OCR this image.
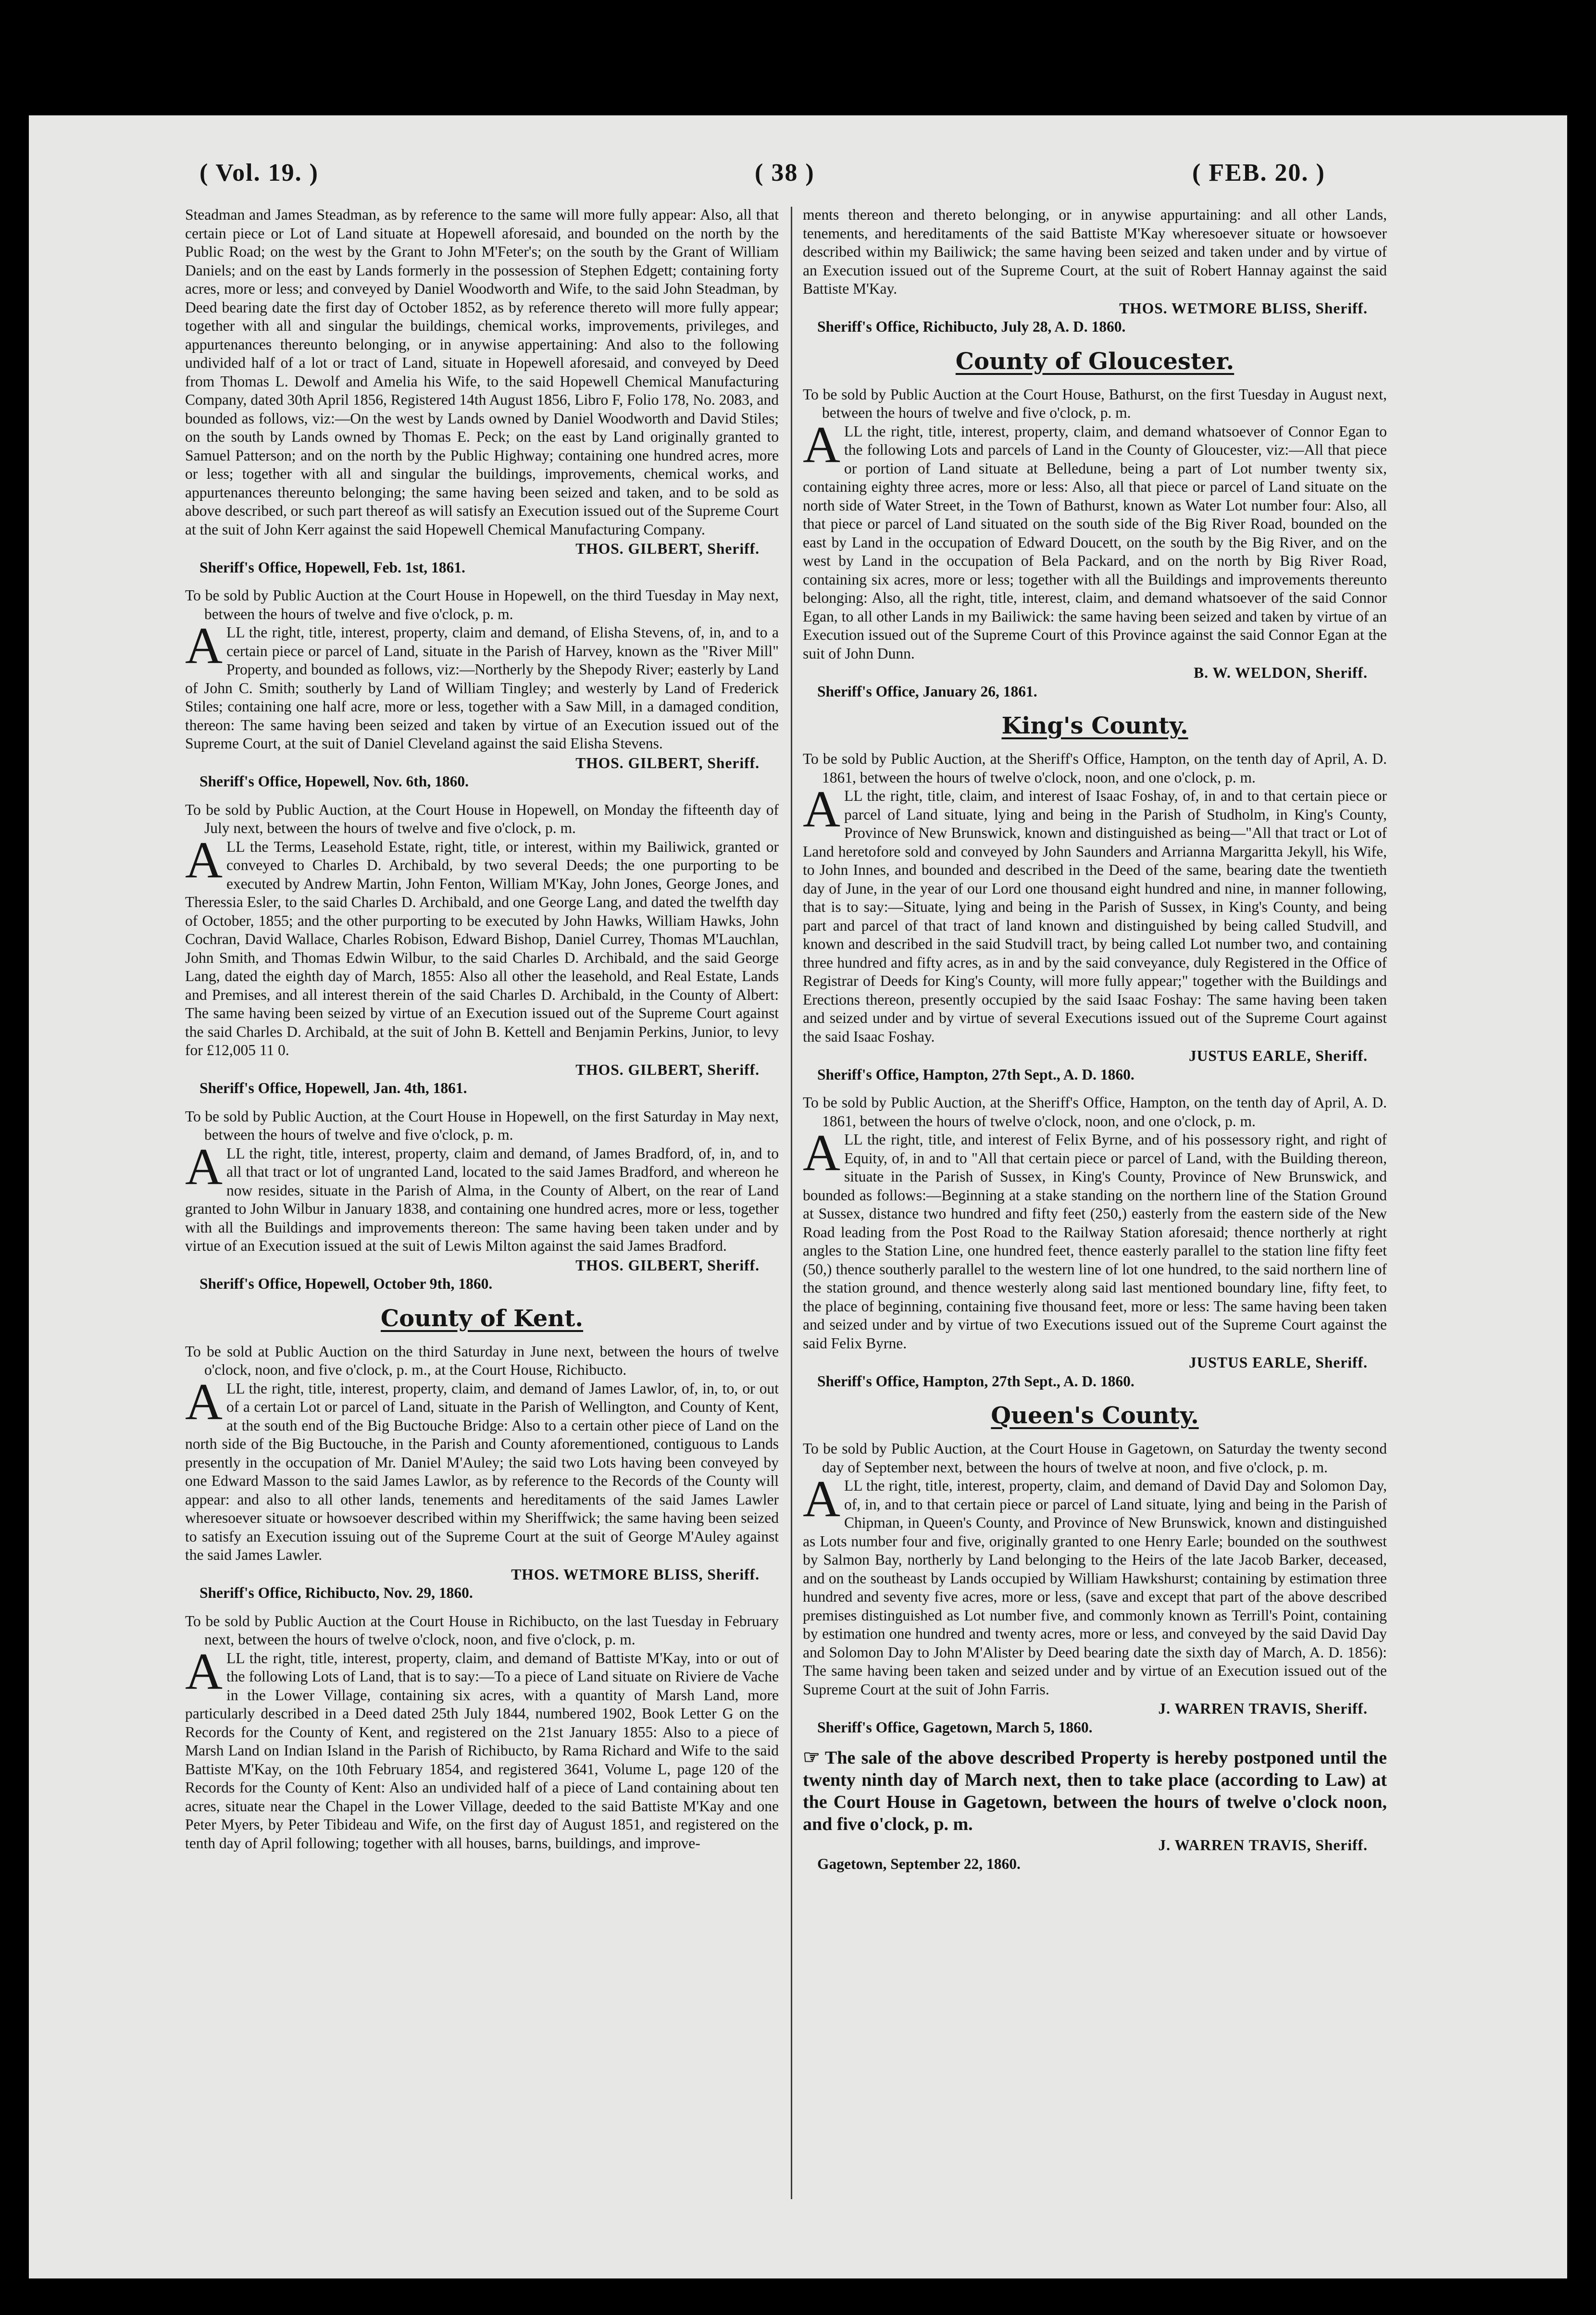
( Vol. 19. )	( 38 )	( FEB. 20. )

Steadman and James Steadman, as by reference to the same will more fully appear: Also, all that certain piece or Lot of Land situate at Hopewell aforesaid, and bounded on the north by the Public Road; on the west by the Grant to John M'Feter's; on the south by the Grant of William Daniels; and on the east by Lands formerly in the possession of Stephen Edgett; containing forty acres, more or less; and conveyed by Daniel Woodworth and Wife, to the said John Steadman, by Deed bearing date the first day of October 1852, as by reference thereto will more fully appear; together with all and singular the buildings, chemical works, improvements, privileges, and appurtenances thereunto belonging, or in anywise appertaining: And also to the following undivided half of a lot or tract of Land, situate in Hopewell aforesaid, and conveyed by Deed from Thomas L. Dewolf and Amelia his Wife, to the said Hopewell Chemical Manufacturing Company, dated 30th April 1856, Registered 14th August 1856, Libro F, Folio 178, No. 2083, and bounded as follows, viz:—On the west by Lands owned by Daniel Woodworth and David Stiles; on the south by Lands owned by Thomas E. Peck; on the east by Land originally granted to Samuel Patterson; and on the north by the Public Highway; containing one hundred acres, more or less; together with all and singular the buildings, improvements, chemical works, and appurtenances thereunto belonging; the same having been seized and taken, and to be sold as above described, or such part thereof as will satisfy an Execution issued out of the Supreme Court at the suit of John Kerr against the said Hopewell Chemical Manufacturing Company.

THOS. GILBERT, Sheriff.
Sheriff's Office, Hopewell, Feb. 1st, 1861.

To be sold by Public Auction at the Court House in Hopewell, on the third Tuesday in May next, between the hours of twelve and five o'clock, p. m.

ALL the right, title, interest, property, claim and demand, of Elisha Stevens, of, in, and to a certain piece or parcel of Land, situate in the Parish of Harvey, known as the "River Mill" Property, and bounded as follows, viz:—Northerly by the Shepody River; easterly by Land of John C. Smith; southerly by Land of William Tingley; and westerly by Land of Frederick Stiles; containing one half acre, more or less, together with a Saw Mill, in a damaged condition, thereon: The same having been seized and taken by virtue of an Execution issued out of the Supreme Court, at the suit of Daniel Cleveland against the said Elisha Stevens.

THOS. GILBERT, Sheriff.
Sheriff's Office, Hopewell, Nov. 6th, 1860.

To be sold by Public Auction, at the Court House in Hopewell, on Monday the fifteenth day of July next, between the hours of twelve and five o'clock, p. m.

ALL the Terms, Leasehold Estate, right, title, or interest, within my Bailiwick, granted or conveyed to Charles D. Archibald, by two several Deeds; the one purporting to be executed by Andrew Martin, John Fenton, William M'Kay, John Jones, George Jones, and Theressia Esler, to the said Charles D. Archibald, and one George Lang, and dated the twelfth day of October, 1855; and the other purporting to be executed by John Hawks, William Hawks, John Cochran, David Wallace, Charles Robison, Edward Bishop, Daniel Currey, Thomas M'Lauchlan, John Smith, and Thomas Edwin Wilbur, to the said Charles D. Archibald, and the said George Lang, dated the eighth day of March, 1855: Also all other the leasehold, and Real Estate, Lands and Premises, and all interest therein of the said Charles D. Archibald, in the County of Albert: The same having been seized by virtue of an Execution issued out of the Supreme Court against the said Charles D. Archibald, at the suit of John B. Kettell and Benjamin Perkins, Junior, to levy for £12,005 11 0.

THOS. GILBERT, Sheriff.
Sheriff's Office, Hopewell, Jan. 4th, 1861.

To be sold by Public Auction, at the Court House in Hopewell, on the first Saturday in May next, between the hours of twelve and five o'clock, p. m.

ALL the right, title, interest, property, claim and demand, of James Bradford, of, in, and to all that tract or lot of ungranted Land, located to the said James Bradford, and whereon he now resides, situate in the Parish of Alma, in the County of Albert, on the rear of Land granted to John Wilbur in January 1838, and containing one hundred acres, more or less, together with all the Buildings and improvements thereon: The same having been taken under and by virtue of an Execution issued at the suit of Lewis Milton against the said James Bradford.

THOS. GILBERT, Sheriff.
Sheriff's Office, Hopewell, October 9th, 1860.
County of Kent.

To be sold at Public Auction on the third Saturday in June next, between the hours of twelve o'clock, noon, and five o'clock, p. m., at the Court House, Richibucto.

ALL the right, title, interest, property, claim, and demand of James Lawlor, of, in, to, or out of a certain Lot or parcel of Land, situate in the Parish of Wellington, and County of Kent, at the south end of the Big Buctouche Bridge: Also to a certain other piece of Land on the north side of the Big Buctouche, in the Parish and County aforementioned, contiguous to Lands presently in the occupation of Mr. Daniel M'Auley; the said two Lots having been conveyed by one Edward Masson to the said James Lawlor, as by reference to the Records of the County will appear: and also to all other lands, tenements and hereditaments of the said James Lawler wheresoever situate or howsoever described within my Sheriffwick; the same having been seized to satisfy an Execution issuing out of the Supreme Court at the suit of George M'Auley against the said James Lawler.

THOS. WETMORE BLISS, Sheriff.
Sheriff's Office, Richibucto, Nov. 29, 1860.

To be sold by Public Auction at the Court House in Richibucto, on the last Tuesday in February next, between the hours of twelve o'clock, noon, and five o'clock, p. m.

ALL the right, title, interest, property, claim, and demand of Battiste M'Kay, into or out of the following Lots of Land, that is to say:—To a piece of Land situate on Riviere de Vache in the Lower Village, containing six acres, with a quantity of Marsh Land, more particularly described in a Deed dated 25th July 1844, numbered 1902, Book Letter G on the Records for the County of Kent, and registered on the 21st January 1855: Also to a piece of Marsh Land on Indian Island in the Parish of Richibucto, by Rama Richard and Wife to the said Battiste M'Kay, on the 10th February 1854, and registered 3641, Volume L, page 120 of the Records for the County of Kent: Also an undivided half of a piece of Land containing about ten acres, situate near the Chapel in the Lower Village, deeded to the said Battiste M'Kay and one Peter Myers, by Peter Tibideau and Wife, on the first day of August 1851, and registered on the tenth day of April following; together with all houses, barns, buildings, and improve-

ments thereon and thereto belonging, or in anywise appurtaining: and all other Lands, tenements, and hereditaments of the said Battiste M'Kay wheresoever situate or howsoever described within my Bailiwick; the same having been seized and taken under and by virtue of an Execution issued out of the Supreme Court, at the suit of Robert Hannay against the said Battiste M'Kay.

THOS. WETMORE BLISS, Sheriff.
Sheriff's Office, Richibucto, July 28, A. D. 1860.
County of Gloucester.

To be sold by Public Auction at the Court House, Bathurst, on the first Tuesday in August next, between the hours of twelve and five o'clock, p. m.

ALL the right, title, interest, property, claim, and demand whatsoever of Connor Egan to the following Lots and parcels of Land in the County of Gloucester, viz:—All that piece or portion of Land situate at Belledune, being a part of Lot number twenty six, containing eighty three acres, more or less: Also, all that piece or parcel of Land situate on the north side of Water Street, in the Town of Bathurst, known as Water Lot number four: Also, all that piece or parcel of Land situated on the south side of the Big River Road, bounded on the east by Land in the occupation of Edward Doucett, on the south by the Big River, and on the west by Land in the occupation of Bela Packard, and on the north by Big River Road, containing six acres, more or less; together with all the Buildings and improvements thereunto belonging: Also, all the right, title, interest, claim, and demand whatsoever of the said Connor Egan, to all other Lands in my Bailiwick: the same having been seized and taken by virtue of an Execution issued out of the Supreme Court of this Province against the said Connor Egan at the suit of John Dunn.

B. W. WELDON, Sheriff.
Sheriff's Office, January 26, 1861.
King's County.

To be sold by Public Auction, at the Sheriff's Office, Hampton, on the tenth day of April, A. D. 1861, between the hours of twelve o'clock, noon, and one o'clock, p. m.

ALL the right, title, claim, and interest of Isaac Foshay, of, in and to that certain piece or parcel of Land situate, lying and being in the Parish of Studholm, in King's County, Province of New Brunswick, known and distinguished as being—"All that tract or Lot of Land heretofore sold and conveyed by John Saunders and Arrianna Margaritta Jekyll, his Wife, to John Innes, and bounded and described in the Deed of the same, bearing date the twentieth day of June, in the year of our Lord one thousand eight hundred and nine, in manner following, that is to say:—Situate, lying and being in the Parish of Sussex, in King's County, and being part and parcel of that tract of land known and distinguished by being called Studvill, and known and described in the said Studvill tract, by being called Lot number two, and containing three hundred and fifty acres, as in and by the said conveyance, duly Registered in the Office of Registrar of Deeds for King's County, will more fully appear;" together with the Buildings and Erections thereon, presently occupied by the said Isaac Foshay: The same having been taken and seized under and by virtue of several Executions issued out of the Supreme Court against the said Isaac Foshay.

JUSTUS EARLE, Sheriff.
Sheriff's Office, Hampton, 27th Sept., A. D. 1860.

To be sold by Public Auction, at the Sheriff's Office, Hampton, on the tenth day of April, A. D. 1861, between the hours of twelve o'clock, noon, and one o'clock, p. m.

ALL the right, title, and interest of Felix Byrne, and of his possessory right, and right of Equity, of, in and to "All that certain piece or parcel of Land, with the Building thereon, situate in the Parish of Sussex, in King's County, Province of New Brunswick, and bounded as follows:—Beginning at a stake standing on the northern line of the Station Ground at Sussex, distance two hundred and fifty feet (250,) easterly from the eastern side of the New Road leading from the Post Road to the Railway Station aforesaid; thence northerly at right angles to the Station Line, one hundred feet, thence easterly parallel to the station line fifty feet (50,) thence southerly parallel to the western line of lot one hundred, to the said northern line of the station ground, and thence westerly along said last mentioned boundary line, fifty feet, to the place of beginning, containing five thousand feet, more or less: The same having been taken and seized under and by virtue of two Executions issued out of the Supreme Court against the said Felix Byrne.

JUSTUS EARLE, Sheriff.
Sheriff's Office, Hampton, 27th Sept., A. D. 1860.
Queen's County.

To be sold by Public Auction, at the Court House in Gagetown, on Saturday the twenty second day of September next, between the hours of twelve at noon, and five o'clock, p. m.

ALL the right, title, interest, property, claim, and demand of David Day and Solomon Day, of, in, and to that certain piece or parcel of Land situate, lying and being in the Parish of Chipman, in Queen's County, and Province of New Brunswick, known and distinguished as Lots number four and five, originally granted to one Henry Earle; bounded on the southwest by Salmon Bay, northerly by Land belonging to the Heirs of the late Jacob Barker, deceased, and on the southeast by Lands occupied by William Hawkshurst; containing by estimation three hundred and seventy five acres, more or less, (save and except that part of the above described premises distinguished as Lot number five, and commonly known as Terrill's Point, containing by estimation one hundred and twenty acres, more or less, and conveyed by the said David Day and Solomon Day to John M'Alister by Deed bearing date the sixth day of March, A. D. 1856): The same having been taken and seized under and by virtue of an Execution issued out of the Supreme Court at the suit of John Farris.

J. WARREN TRAVIS, Sheriff.
Sheriff's Office, Gagetown, March 5, 1860.

☞ The sale of the above described Property is hereby postponed until the twenty ninth day of March next, then to take place (according to Law) at the Court House in Gagetown, between the hours of twelve o'clock noon, and five o'clock, p. m.

J. WARREN TRAVIS, Sheriff.
Gagetown, September 22, 1860.
